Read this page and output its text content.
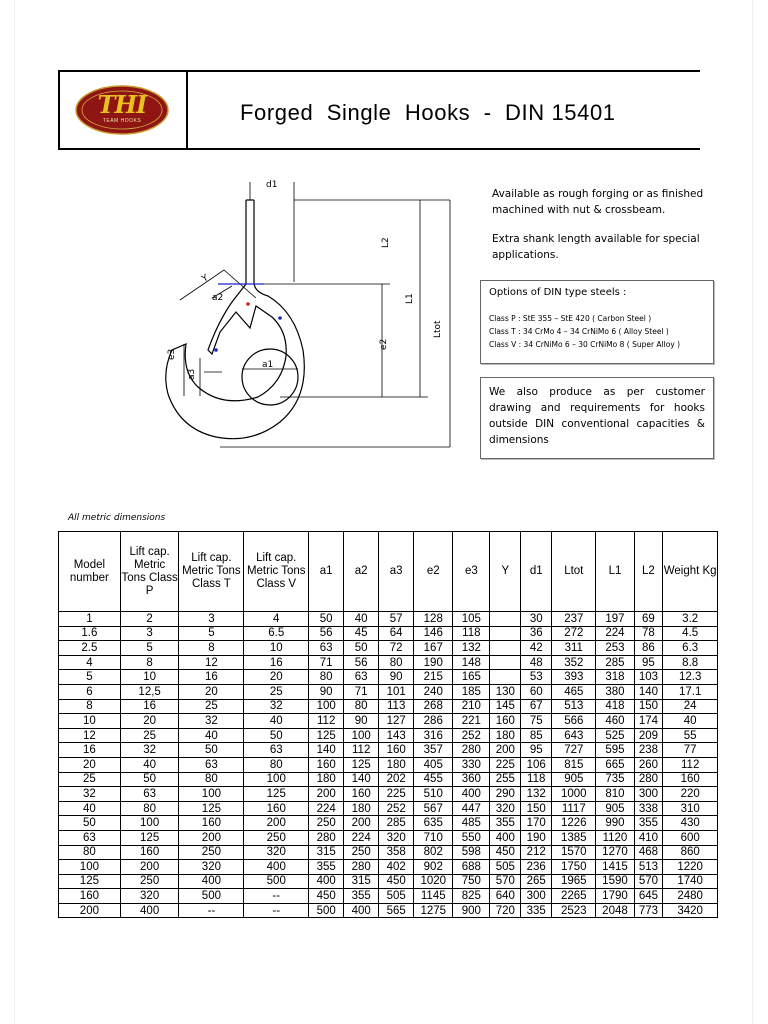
THI
TEAM HOOKS	Forged  Single  Hooks  -  DIN 15401
d1
L2
L1
Ltot
e2
Y
e3
a3
a1
a2
Available as rough forging or as finished machined with nut & crossbeam.
Extra shank length available for special applications.
Options of DIN type steels :
Class P : StE 355 – StE 420 ( Carbon Steel )
Class T : 34 CrMo 4 – 34 CrNiMo 6 ( Alloy Steel )
Class V : 34 CrNiMo 6 – 30 CrNiMo 8 ( Super Alloy )
We also produce as per customer drawing and requirements for hooks outside DIN conventional capacities & dimensions
All metric dimensions
Model number	Lift cap. Metric Tons Class P	Lift cap. Metric Tons Class T	Lift cap. Metric Tons Class V	a1	a2	a3	e2	e3	Y	d1	Ltot	L1	L2	Weight Kg
1	2	3	4	50	40	57	128	105		30	237	197	69	3.2
1.6	3	5	6.5	56	45	64	146	118		36	272	224	78	4.5
2.5	5	8	10	63	50	72	167	132		42	311	253	86	6.3
4	8	12	16	71	56	80	190	148		48	352	285	95	8.8
5	10	16	20	80	63	90	215	165		53	393	318	103	12.3
6	12,5	20	25	90	71	101	240	185	130	60	465	380	140	17.1
8	16	25	32	100	80	113	268	210	145	67	513	418	150	24
10	20	32	40	112	90	127	286	221	160	75	566	460	174	40
12	25	40	50	125	100	143	316	252	180	85	643	525	209	55
16	32	50	63	140	112	160	357	280	200	95	727	595	238	77
20	40	63	80	160	125	180	405	330	225	106	815	665	260	112
25	50	80	100	180	140	202	455	360	255	118	905	735	280	160
32	63	100	125	200	160	225	510	400	290	132	1000	810	300	220
40	80	125	160	224	180	252	567	447	320	150	1117	905	338	310
50	100	160	200	250	200	285	635	485	355	170	1226	990	355	430
63	125	200	250	280	224	320	710	550	400	190	1385	1120	410	600
80	160	250	320	315	250	358	802	598	450	212	1570	1270	468	860
100	200	320	400	355	280	402	902	688	505	236	1750	1415	513	1220
125	250	400	500	400	315	450	1020	750	570	265	1965	1590	570	1740
160	320	500	--	450	355	505	1145	825	640	300	2265	1790	645	2480
200	400	--	--	500	400	565	1275	900	720	335	2523	2048	773	3420
